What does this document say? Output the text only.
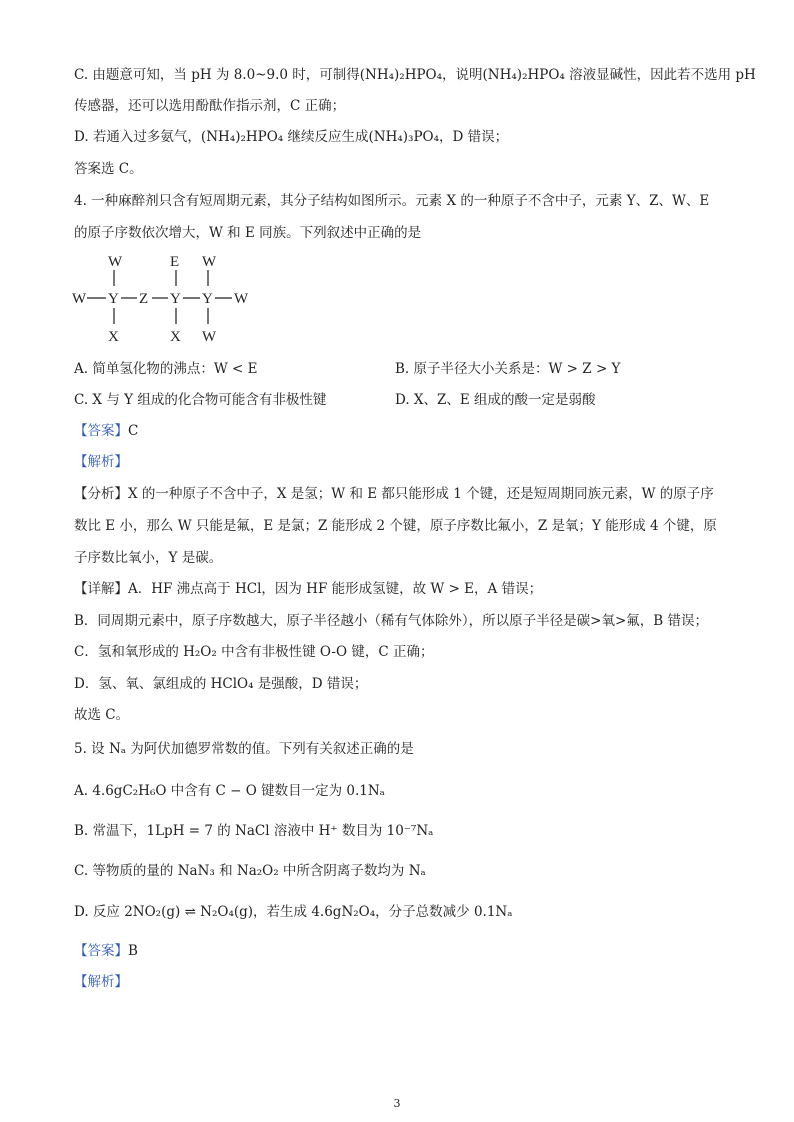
C. 由题意可知，当 pH 为 8.0~9.0 时，可制得(NH₄)₂HPO₄，说明(NH₄)₂HPO₄ 溶液显碱性，因此若不选用 pH
传感器，还可以选用酚酞作指示剂，C 正确；
D. 若通入过多氨气，(NH₄)₂HPO₄ 继续反应生成(NH₄)₃PO₄，D 错误；
答案选 C。
4. 一种麻醉剂只含有短周期元素，其分子结构如图所示。元素 X 的一种原子不含中子，元素 Y、Z、W、E
的原子序数依次增大，W 和 E 同族。下列叙述中正确的是
W	E W
W Y Z Y Y W
X	X W
A. 简单氢化物的沸点：W < E	B. 原子半径大小关系是：W > Z > Y
C. X 与 Y 组成的化合物可能含有非极性键	D. X、Z、E 组成的酸一定是弱酸
【答案】C
【解析】
【分析】X 的一种原子不含中子，X 是氢；W 和 E 都只能形成 1 个键，还是短周期同族元素，W 的原子序
数比 E 小，那么 W 只能是氟，E 是氯；Z 能形成 2 个键，原子序数比氟小，Z 是氧；Y 能形成 4 个键，原
子序数比氧小，Y 是碳。
【详解】A．HF 沸点高于 HCl，因为 HF 能形成氢键，故 W > E，A 错误；
B．同周期元素中，原子序数越大，原子半径越小（稀有气体除外），所以原子半径是碳>氧>氟，B 错误；
C．氢和氧形成的 H₂O₂ 中含有非极性键 O-O 键，C 正确；
D．氢、氧、氯组成的 HClO₄ 是强酸，D 错误；
故选 C。
5. 设 Nₐ 为阿伏加德罗常数的值。下列有关叙述正确的是
A. 4.6gC₂H₆O 中含有 C − O 键数目一定为 0.1Nₐ
B. 常温下，1LpH = 7 的 NaCl 溶液中 H⁺ 数目为 10⁻⁷Nₐ
C. 等物质的量的 NaN₃ 和 Na₂O₂ 中所含阴离子数均为 Nₐ
D. 反应 2NO₂(g) ⇌ N₂O₄(g)，若生成 4.6gN₂O₄，分子总数减少 0.1Nₐ
【答案】B
【解析】
3
